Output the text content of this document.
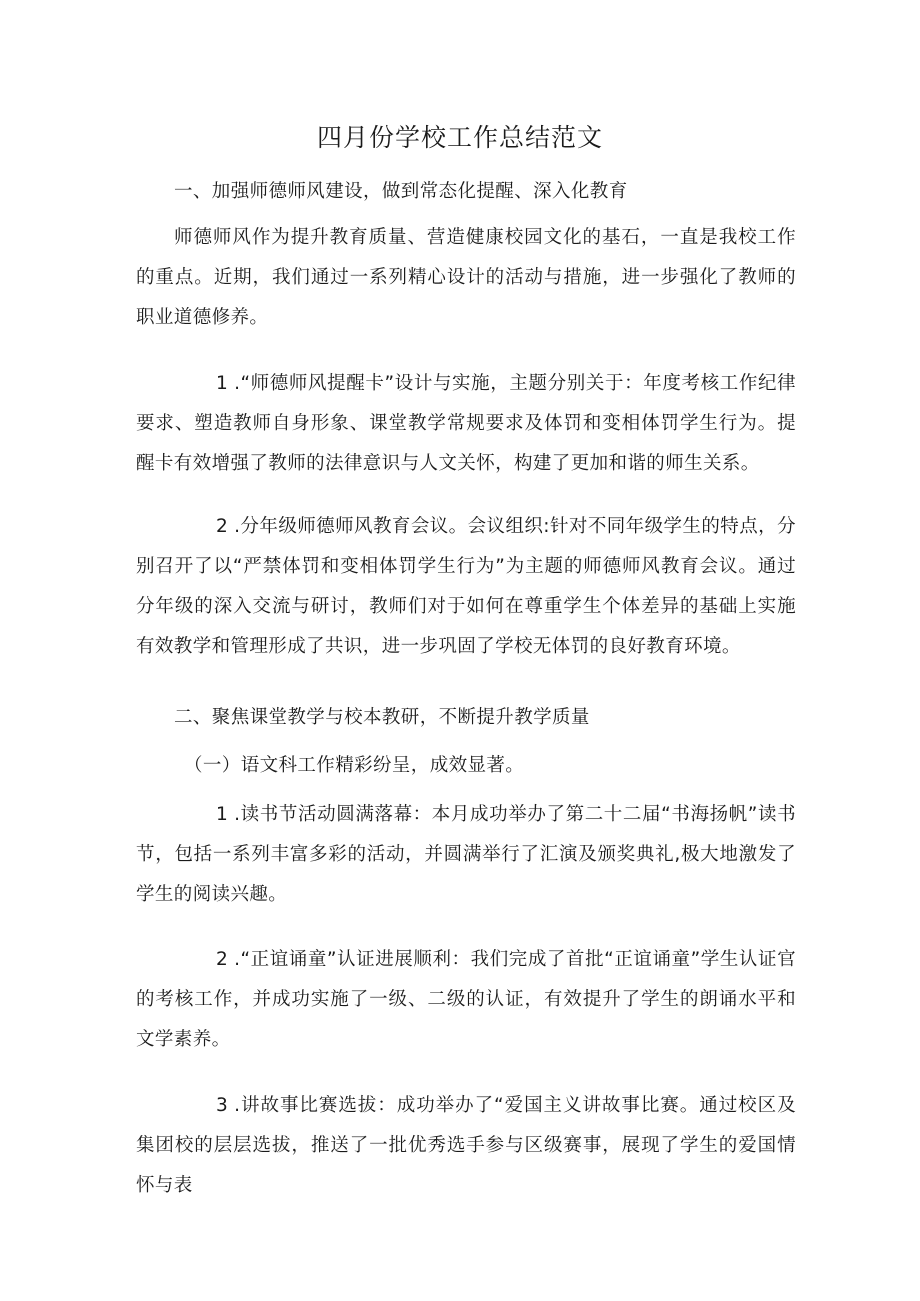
四月份学校工作总结范文

一、加强师德师风建设，做到常态化提醒、深入化教育

师德师风作为提升教育质量、营造健康校园文化的基石，一直是我校工作的重点。近期，我们通过一系列精心设计的活动与措施，进一步强化了教师的职业道德修养。

1 .“师德师风提醒卡”设计与实施，主题分别关于：年度考核工作纪律要求、塑造教师自身形象、课堂教学常规要求及体罚和变相体罚学生行为。提醒卡有效增强了教师的法律意识与人文关怀，构建了更加和谐的师生关系。

2 .分年级师德师风教育会议。会议组织:针对不同年级学生的特点，分别召开了以“严禁体罚和变相体罚学生行为”为主题的师德师风教育会议。通过分年级的深入交流与研讨，教师们对于如何在尊重学生个体差异的基础上实施有效教学和管理形成了共识，进一步巩固了学校无体罚的良好教育环境。

二、聚焦课堂教学与校本教研，不断提升教学质量

（一）语文科工作精彩纷呈，成效显著。

1 .读书节活动圆满落幕：本月成功举办了第二十二届“书海扬帆”读书节，包括一系列丰富多彩的活动，并圆满举行了汇演及颁奖典礼,极大地激发了学生的阅读兴趣。

2 .“正谊诵童”认证进展顺利：我们完成了首批“正谊诵童”学生认证官的考核工作，并成功实施了一级、二级的认证，有效提升了学生的朗诵水平和文学素养。

3 .讲故事比赛选拔：成功举办了“爱国主义讲故事比赛。通过校区及集团校的层层选拔，推送了一批优秀选手参与区级赛事，展现了学生的爱国情怀与表
